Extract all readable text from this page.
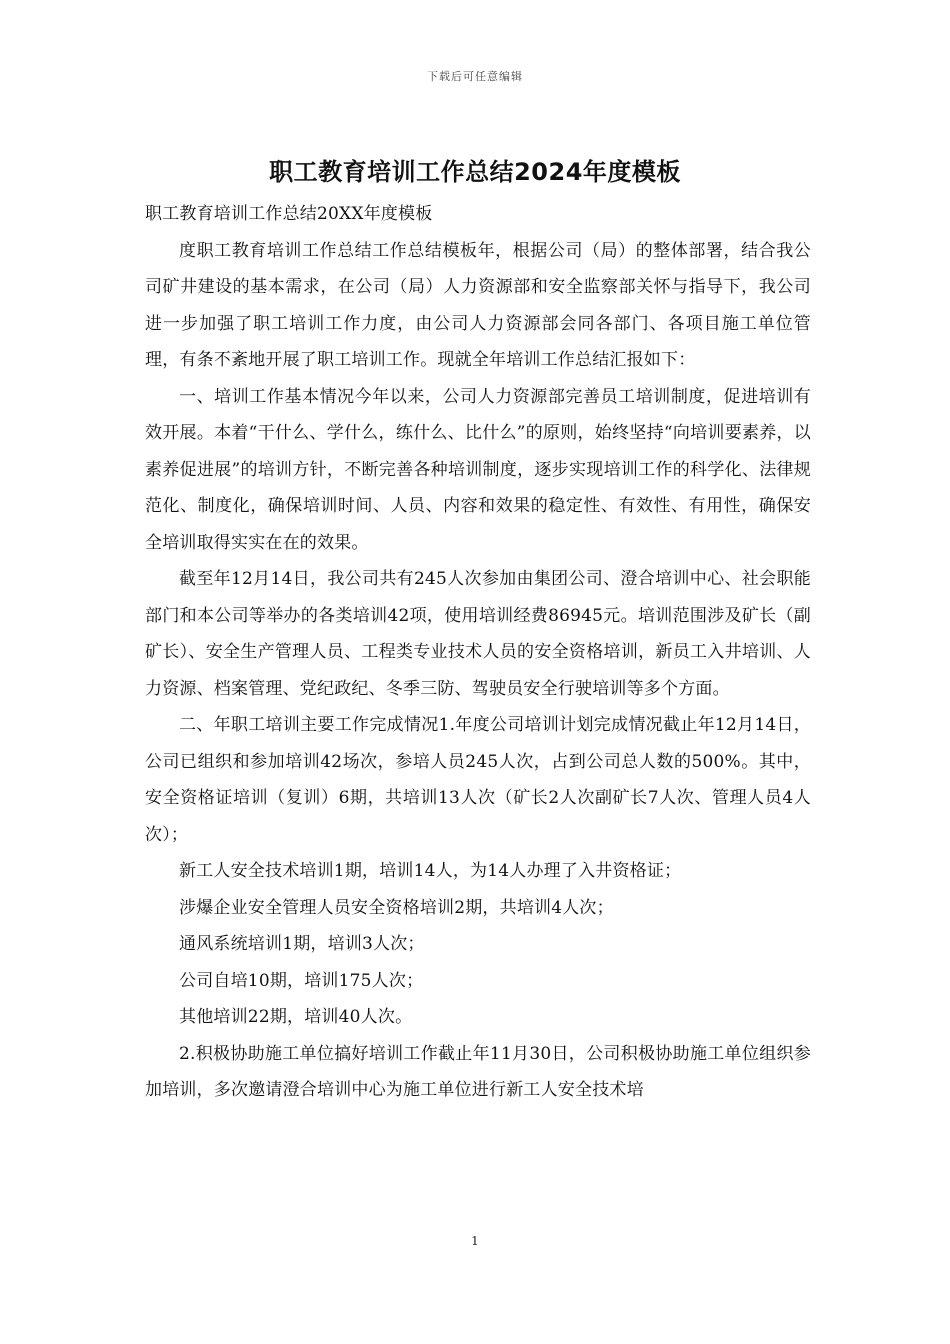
下载后可任意编辑
职工教育培训工作总结2024年度模板

职工教育培训工作总结20XX年度模板

度职工教育培训工作总结工作总结模板年，根据公司（局）的整体部署，结合我公司矿井建设的基本需求，在公司（局）人力资源部和安全监察部关怀与指导下，我公司进一步加强了职工培训工作力度，由公司人力资源部会同各部门、各项目施工单位管理，有条不紊地开展了职工培训工作。现就全年培训工作总结汇报如下：

一、培训工作基本情况今年以来，公司人力资源部完善员工培训制度，促进培训有效开展。本着“干什么、学什么，练什么、比什么”的原则，始终坚持“向培训要素养，以素养促进展”的培训方针，不断完善各种培训制度，逐步实现培训工作的科学化、法律规范化、制度化，确保培训时间、人员、内容和效果的稳定性、有效性、有用性，确保安全培训取得实实在在的效果。

截至年12月14日，我公司共有245人次参加由集团公司、澄合培训中心、社会职能部门和本公司等举办的各类培训42项，使用培训经费86945元。培训范围涉及矿长（副矿长）、安全生产管理人员、工程类专业技术人员的安全资格培训，新员工入井培训、人力资源、档案管理、党纪政纪、冬季三防、驾驶员安全行驶培训等多个方面。

二、年职工培训主要工作完成情况1.年度公司培训计划完成情况截止年12月14日，公司已组织和参加培训42场次，参培人员245人次，占到公司总人数的500%。其中，安全资格证培训（复训）6期，共培训13人次（矿长2人次副矿长7人次、管理人员4人次）；

新工人安全技术培训1期，培训14人，为14人办理了入井资格证；

涉爆企业安全管理人员安全资格培训2期，共培训4人次；

通风系统培训1期，培训3人次；

公司自培10期，培训175人次；

其他培训22期，培训40人次。

2.积极协助施工单位搞好培训工作截止年11月30日，公司积极协助施工单位组织参加培训，多次邀请澄合培训中心为施工单位进行新工人安全技术培

1
